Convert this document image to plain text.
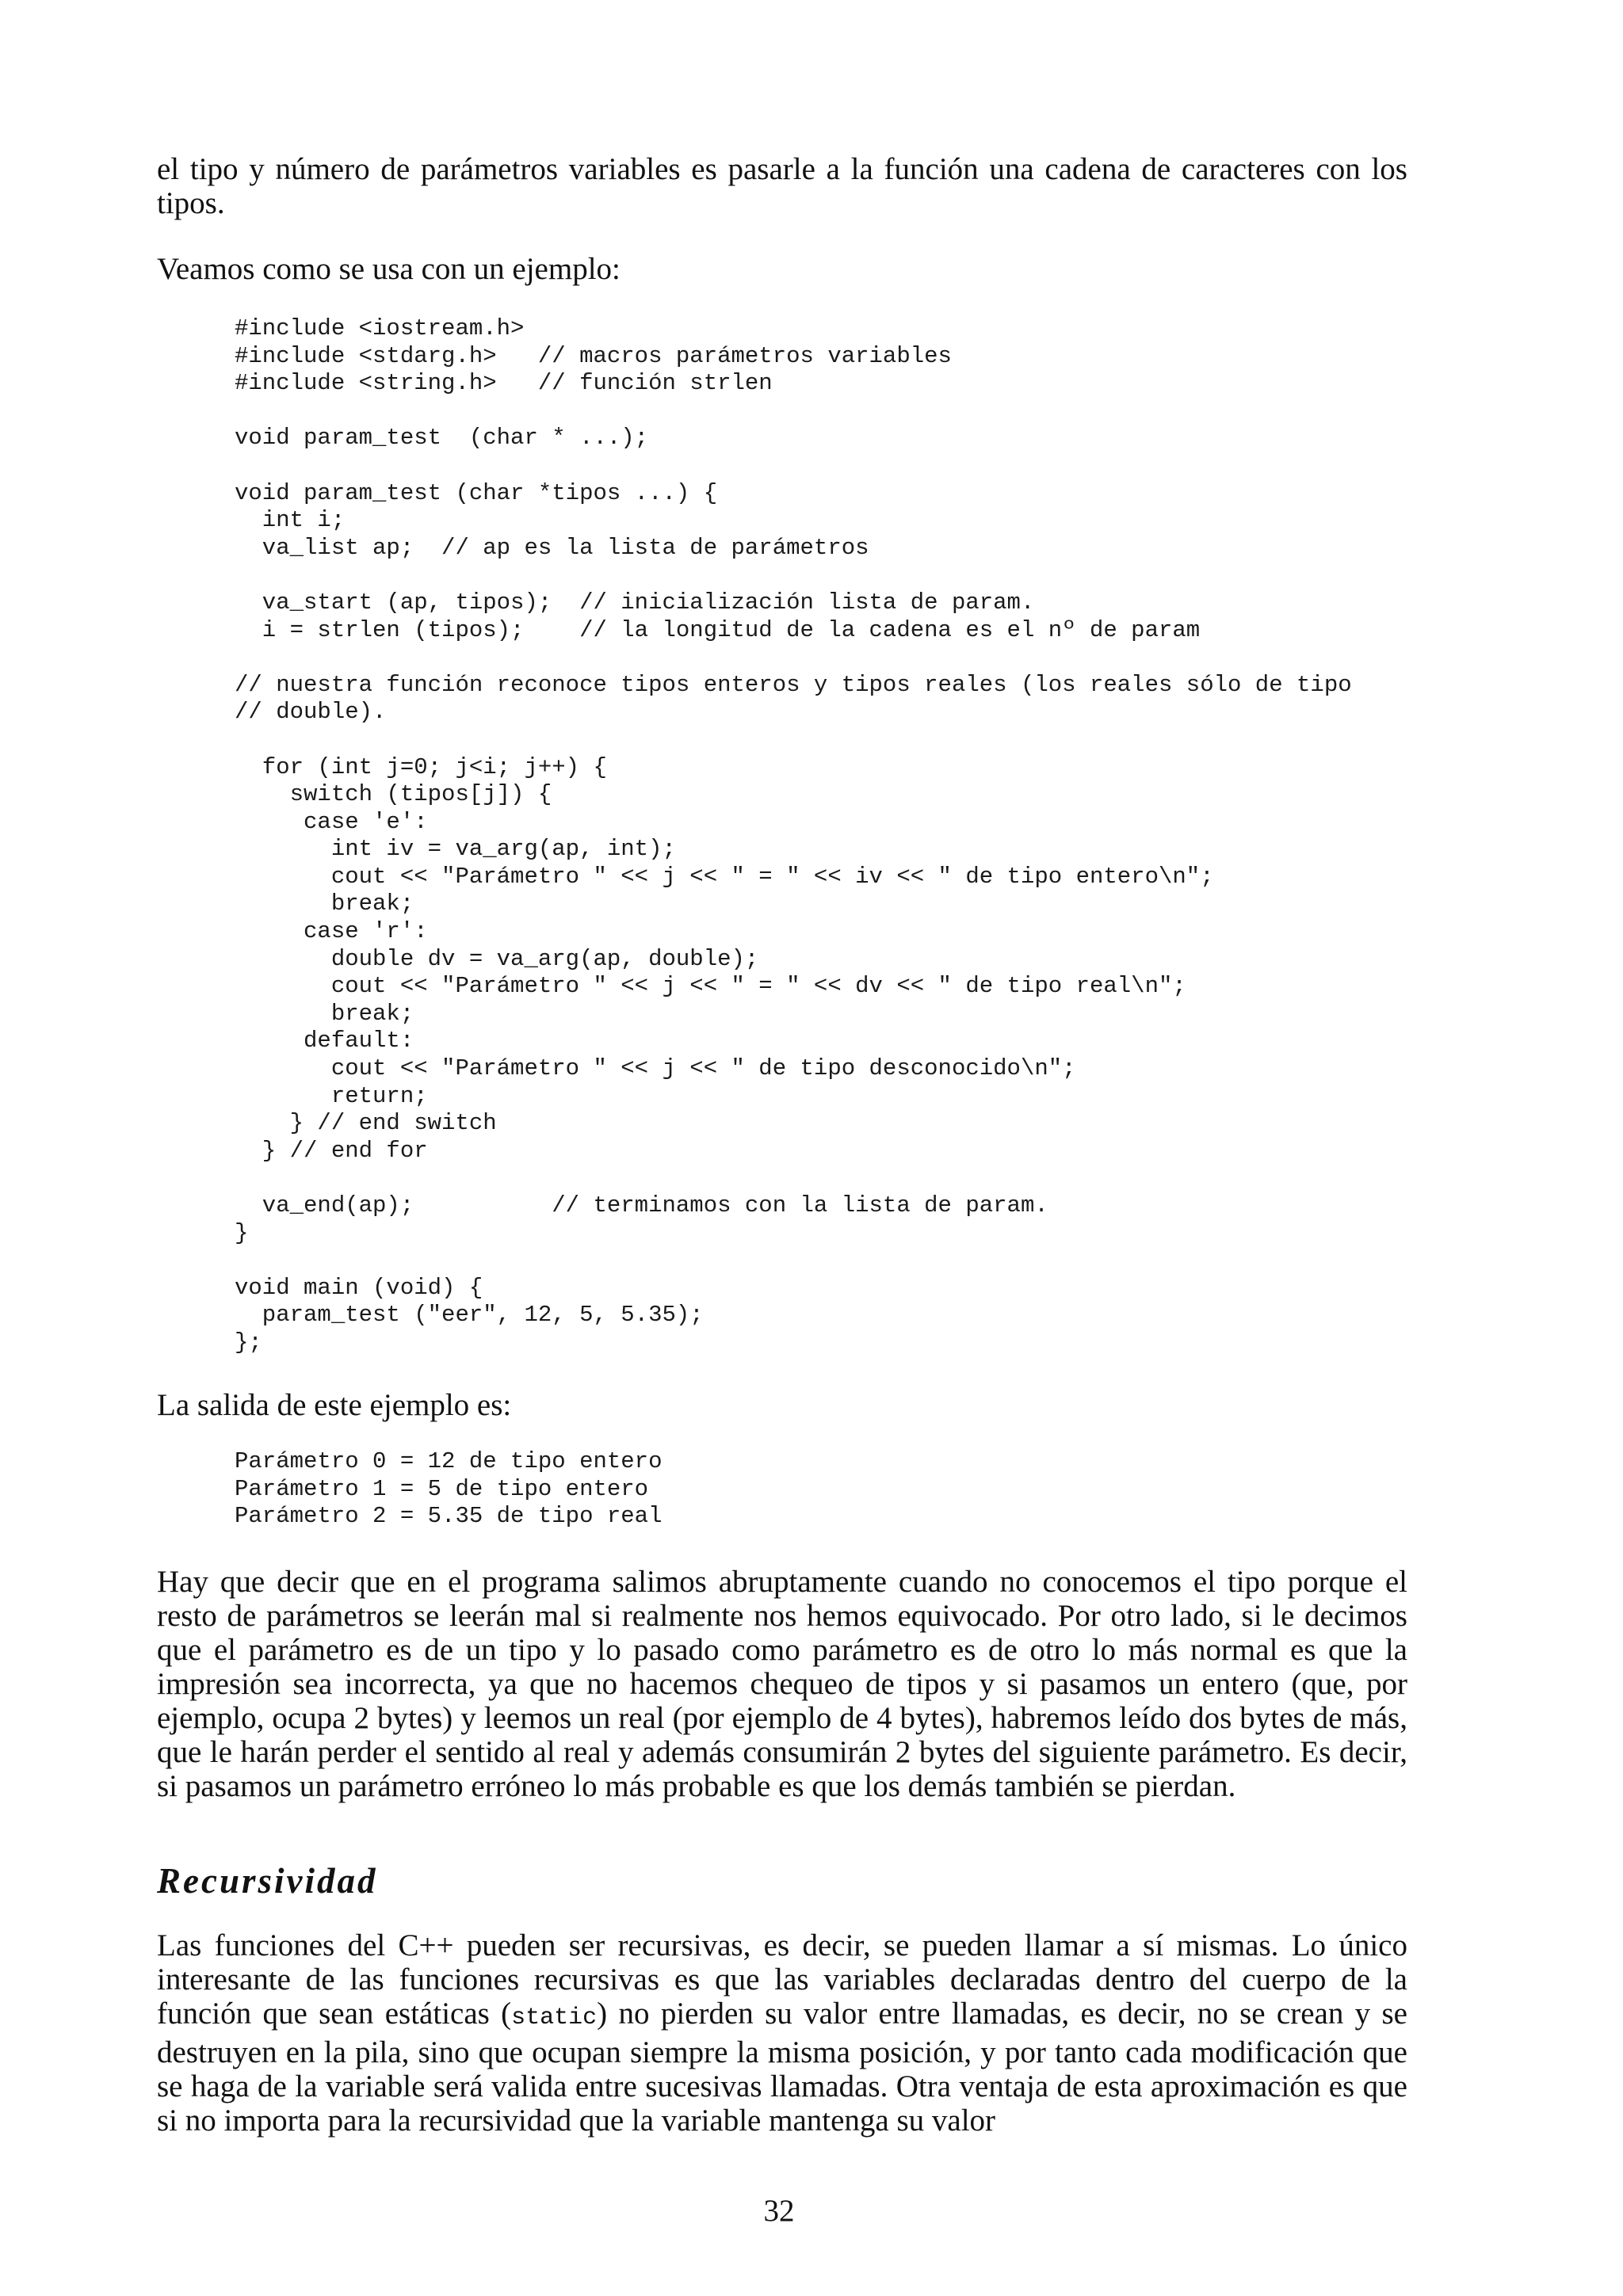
el tipo y número de parámetros variables es pasarle a la función una cadena de caracteres con los tipos.

Veamos como se usa con un ejemplo:

#include <iostream.h>
#include <stdarg.h>   // macros parámetros variables
#include <string.h>   // función strlen
void param_test  (char * ...);
void param_test (char *tipos ...) {
int i;
va_list ap;  // ap es la lista de parámetros
va_start (ap, tipos);  // inicialización lista de param.
i = strlen (tipos);    // la longitud de la cadena es el nº de param
// nuestra función reconoce tipos enteros y tipos reales (los reales sólo de tipo
// double).
for (int j=0; j<i; j++) {
switch (tipos[j]) {
case 'e':
int iv = va_arg(ap, int);
cout << "Parámetro " << j << " = " << iv << " de tipo entero\n";
break;
case 'r':
double dv = va_arg(ap, double);
cout << "Parámetro " << j << " = " << dv << " de tipo real\n";
break;
default:
cout << "Parámetro " << j << " de tipo desconocido\n";
return;
} // end switch
} // end for
va_end(ap);          // terminamos con la lista de param.
}
void main (void) {
param_test ("eer", 12, 5, 5.35);
};

La salida de este ejemplo es:

Parámetro 0 = 12 de tipo entero
Parámetro 1 = 5 de tipo entero
Parámetro 2 = 5.35 de tipo real

Hay que decir que en el programa salimos abruptamente cuando no conocemos el tipo porque el resto de parámetros se leerán mal si realmente nos hemos equivocado. Por otro lado, si le decimos que el parámetro es de un tipo y lo pasado como parámetro es de otro lo más normal es que la impresión sea incorrecta, ya que no hacemos chequeo de tipos y si pasamos un entero (que, por ejemplo, ocupa 2 bytes) y leemos un real (por ejemplo de 4 bytes), habremos leído dos bytes de más, que le harán perder el sentido al real y además consumirán 2 bytes del siguiente parámetro. Es decir, si pasamos un parámetro erróneo lo más probable es que los demás también se pierdan.

Recursividad

Las funciones del C++ pueden ser recursivas, es decir, se pueden llamar a sí mismas. Lo único interesante de las funciones recursivas es que las variables declaradas dentro del cuerpo de la función que sean estáticas (static) no pierden su valor entre llamadas, es decir, no se crean y se destruyen en la pila, sino que ocupan siempre la misma posición, y por tanto cada modificación que se haga de la variable será valida entre sucesivas llamadas. Otra ventaja de esta aproximación es que si no importa para la recursividad que la variable mantenga su valor

32
